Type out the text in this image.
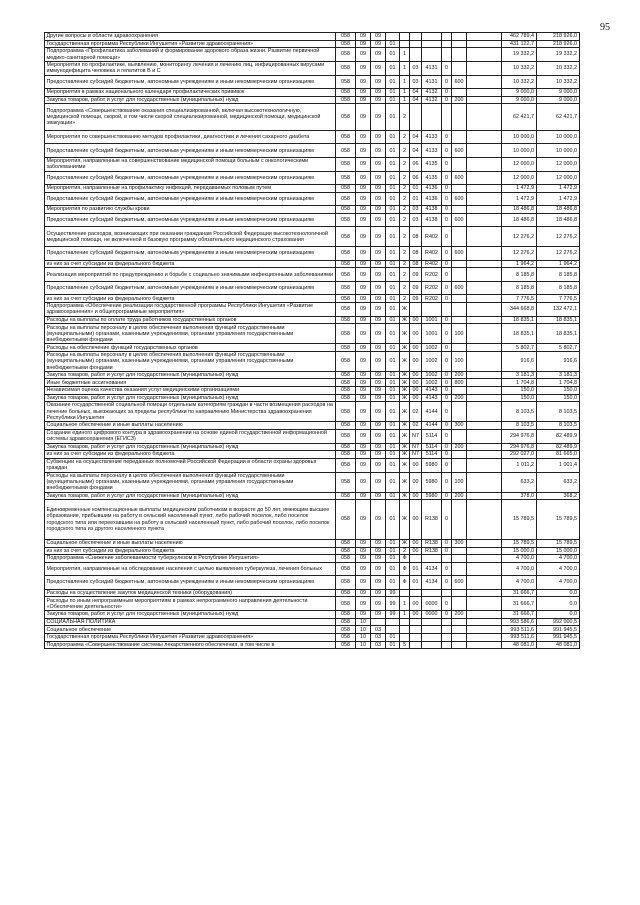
95
Другие вопросы в области здравоохранения	058	09	09								462 789,4	218 926,0
Государственная программа Республики Ингушетия «Развитие здравоохранения»	058	09	09	01							431 122,7	218 926,0
Подпрограмма «Профилактика заболеваний и формирование здорового образа жизни. Развитие первичной медико-санитарной помощи»	058	09	09	01	1						19 332,2	19 332,2
Мероприятия по профилактике, выявлению, мониторингу лечения и лечению лиц, инфицированных вирусами иммунодефицита человека и гепатитов В и С	058	09	09	01	1	03	4131	0			10 332,2	10 332,2
Предоставление субсидий бюджетным, автономным учреждениям и иным некоммерческим организациям	058	09	09	01	1	03	4131	0	600		10 332,2	10 332,2
Мероприятия в рамках национального календаря профилактических прививок	058	09	09	01	1	04	4132	0			9 000,0	9 000,0
Закупка товаров, работ и услуг для государственных (муниципальных) нужд	058	09	09	01	1	04	4132	0	200		9 000,0	9 000,0
Подпрограмма «Совершенствование оказания специализированной, включая высокотехнологичную, медицинской помощи, скорой, в том числе скорой специализированной, медицинской помощи, медицинской эвакуации»	058	09	09	01	2						62 421,7	62 421,7
Мероприятия по совершенствованию методов профилактики, диагностики и лечения сахарного диабета	058	09	09	01	2	04	4133	0			10 000,0	10 000,0
Предоставление субсидий бюджетным, автономным учреждениям и иным некоммерческим организациям	058	09	09	01	2	04	4133	0	600		10 000,0	10 000,0
Мероприятия, направленные на совершенствование медицинской помощи больным с онкологическими заболеваниями	058	09	09	01	2	06	4135	0			12 000,0	12 000,0
Предоставление субсидий бюджетным, автономным учреждениям и иным некоммерческим организациям	058	09	09	01	2	06	4135	0	600		12 000,0	12 000,0
Мероприятия, направленные на профилактику инфекций, передаваемых половым путем	058	09	09	01	2	01	4136	0			1 472,9	1 472,9
Предоставление субсидий бюджетным, автономным учреждениям и иным некоммерческим организациям	058	09	09	01	2	01	4136	0	600		1 472,9	1 472,9
Мероприятия по развитию службы крови	058	09	09	01	2	03	4138	0			18 486,8	18 486,8
Предоставление субсидий бюджетным, автономным учреждениям и иным некоммерческим организациям	058	09	09	01	2	03	4138	0	600		18 486,8	18 486,8
Осуществление расходов, возникающих при оказании гражданам Российской Федерации высокотехнологичной медицинской помощи, не включенной в базовую программу обязательного медицинского страхования	058	09	09	01	2	08	R402	0			12 276,2	12 276,2
Предоставление субсидий бюджетным, автономным учреждениям и иным некоммерческим организациям	058	09	09	01	2	08	R402	0	600		12 276,2	12 276,2
из них за счет субсидии из федерального бюджета	058	09	09	01	2	08	R402	0			1 964,2	1 964,2
Реализация мероприятий по предупреждению и борьбе с социально значимыми инфекционными заболеваниями	058	09	09	01	2	09	R202	0			8 185,8	8 185,8
Предоставление субсидий бюджетным, автономным учреждениям и иным некоммерческим организациям	058	09	09	01	2	09	R202	0	600		8 185,8	8 185,8
из них за счет субсидии из федерального бюджета	058	09	09	01	2	09	R202	0			7 776,5	7 776,5
Подпрограмма «Обеспечение реализации государственной программы Республики Ингушетия «Развитие здравоохранения» и общепрограммные мероприятия»	058	09	09	01	Ж						344 668,8	132 472,1
Расходы на выплаты по оплате труда работников государственных органов	058	09	09	01	Ж	00	1001	0			18 835,1	18 835,1
Расходы на выплаты персоналу в целях обеспечения выполнения функций государственными (муниципальными) органами, казенными учреждениями, органами управления государственными внебюджетными фондами	058	09	09	01	Ж	00	1001	0	100		18 835,1	18 835,1
Расходы на обеспечение функций государственных органов	058	09	09	01	Ж	00	1002	0			5 802,7	5 802,7
Расходы на выплаты персоналу в целях обеспечения выполнения функций государственными (муниципальными) органами, казенными учреждениями, органами управления государственными внебюджетными фондами	058	09	09	01	Ж	00	1002	0	100		916,6	916,6
Закупка товаров, работ и услуг для государственных (муниципальных) нужд	058	09	09	01	Ж	00	1002	0	200		3 181,3	3 181,3
Иные бюджетные ассигнования	058	09	09	01	Ж	00	1002	0	800		1 704,8	1 704,8
Независимая оценка качества оказания услуг медицинскими организациями	058	09	09	01	Ж	00	4143	0			150,0	150,0
Закупка товаров, работ и услуг для государственных (муниципальных) нужд	058	09	09	01	Ж	00	4143	0	200		150,0	150,0
Оказание государственной социальной помощи отдельным категориям граждан в части возмещения расходов на лечение больных, выезжающих за пределы республики по направлению Министерства здравоохранения Республики Ингушетия	058	09	09	01	Ж	02	4144	0			8 103,5	8 103,5
Социальное обеспечение и иные выплаты населению	058	09	09	01	Ж	02	4144	0	300		8 103,5	8 103,5
Создание единого цифрового контура в здравоохранении на основе единой государственной информационной системы здравоохранения (ЕГИСЗ)	058	09	09	01	Ж	N7	5114	0			294 976,8	82 489,9
Закупка товаров, работ и услуг для государственных (муниципальных) нужд	058	09	09	01	Ж	N7	5114	0	200		294 976,8	82 489,9
из них за счет субсидии из федерального бюджета	058	09	09	01	Ж	N7	5114	0			292 027,0	81 665,0
Субвенции на осуществление переданных полномочий Российской Федерации в области охраны здоровья граждан	058	09	09	01	Ж	00	5980	0			1 011,2	1 001,4
Расходы на выплаты персоналу в целях обеспечения выполнения функций государственными (муниципальными) органами, казенными учреждениями, органами управления государственными внебюджетными фондами	058	09	09	01	Ж	00	5980	0	100		633,2	633,2
Закупка товаров, работ и услуг для государственных (муниципальных) нужд	058	09	09	01	Ж	00	5980	0	200		378,0	368,2
Единовременные компенсационные выплаты медицинским работникам в возрасте до 50 лет, имеющим высшее образование, прибывшим на работу в сельский населенный пункт, либо рабочий поселок, либо поселок городского типа или переехавшим на работу в сельский населенный пункт, либо рабочий поселок, либо поселок городского типа из другого населенного пункта	058	09	09	01	Ж	00	R138	0			15 789,5	15 789,5
Социальное обеспечение и иные выплаты населению	058	09	09	01	Ж	00	R138	0	300		15 789,5	15 789,5
из них за счет субсидии из федерального бюджета	058	09	09	01	2	00	R138	0			15 000,0	15 000,0
Подпрограмма «Снижение заболеваемости туберкулезом в Республике Ингушетия»	058	09	09	01	Ф						4 700,0	4 700,0
Мероприятия, направленные на обследование населения с целью выявления туберкулеза, лечения больных	058	09	09	01	Ф	01	4134	0			4 700,0	4 700,0
Предоставление субсидий бюджетным, автономным учреждениям и иным некоммерческим организациям	058	09	09	01	Ф	01	4134	0	600		4 700,0	4 700,0
Расходы на осуществление закупок медицинской техники (оборудования)	058	09	09	99							31 666,7	0,0
Расходы по иным непрограммным мероприятиям в рамках непрограммного направления деятельности «Обеспечение деятельности»	058	09	09	99	1	00	0000	0			31 666,7	0,0
Закупка товаров, работ и услуг для государственных (муниципальных) нужд	058	09	09	99	1	00	0000	0	200		31 666,7	0,0
СОЦИАЛЬНАЯ ПОЛИТИКА	058	10									993 586,6	992 000,5
Социальное обеспечение	058	10	03								993 511,6	991 945,5
Государственная программа Республики Ингушетия «Развитие здравоохранения»	058	10	03	01							993 511,6	991 945,5
Подпрограмма «Совершенствование системы лекарственного обеспечения, в том числе в	058	10	03	01	5						48 081,0	48 081,0
